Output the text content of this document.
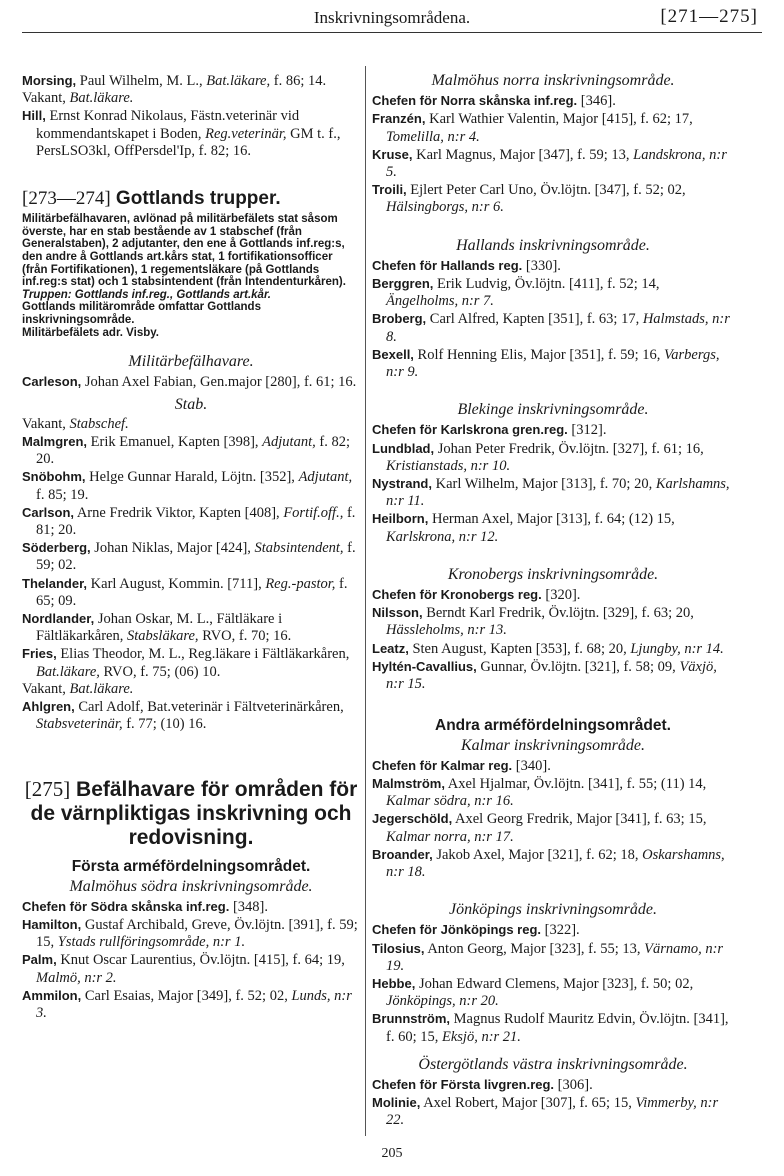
Inskrivningsområdena.	[271—275]

Morsing, Paul Wilhelm, M. L., Bat.läkare, f. 86; 14.

Vakant, Bat.läkare.

Hill, Ernst Konrad Nikolaus, Fästn.veterinär vid kommendantskapet i Boden, Reg.veterinär, GM t. f., PersLSO3kl, OffPersdel'Ip, f. 82; 16.

[273—274] Gottlands trupper.

Militärbefälhavaren, avlönad på militärbefälets stat såsom överste, har en stab bestående av 1 stabschef (från Generalstaben), 2 adjutanter, den ene å Gottlands inf.reg:s, den andre å Gottlands art.kårs stat, 1 fortifikationsofficer (från Fortifikationen), 1 regementsläkare (på Gottlands inf.reg:s stat) och 1 stabsintendent (från Intendenturkåren).

Truppen: Gottlands inf.reg., Gottlands art.kår.

Gottlands militärområde omfattar Gottlands inskrivningsområde.

Militärbefälets adr. Visby.

Militärbefälhavare.

Carleson, Johan Axel Fabian, Gen.major [280], f. 61; 16.

Stab.

Vakant, Stabschef.

Malmgren, Erik Emanuel, Kapten [398], Adjutant, f. 82; 20.

Snöbohm, Helge Gunnar Harald, Löjtn. [352], Adjutant, f. 85; 19.

Carlson, Arne Fredrik Viktor, Kapten [408], Fortif.off., f. 81; 20.

Söderberg, Johan Niklas, Major [424], Stabsintendent, f. 59; 02.

Thelander, Karl August, Kommin. [711], Reg.-pastor, f. 65; 09.

Nordlander, Johan Oskar, M. L., Fältläkare i Fältläkarkåren, Stabsläkare, RVO, f. 70; 16.

Fries, Elias Theodor, M. L., Reg.läkare i Fältläkarkåren, Bat.läkare, RVO, f. 75; (06) 10.

Vakant, Bat.läkare.

Ahlgren, Carl Adolf, Bat.veterinär i Fältveterinärkåren, Stabsveterinär, f. 77; (10) 16.

[275] Befälhavare för områden för de värnpliktigas inskrivning och redovisning.
Första arméfördelningsområdet.
Malmöhus södra inskrivningsområde.

Chefen för Södra skånska inf.reg. [348].

Hamilton, Gustaf Archibald, Greve, Öv.löjtn. [391], f. 59; 15, Ystads rullföringsområde, n:r 1.

Palm, Knut Oscar Laurentius, Öv.löjtn. [415], f. 64; 19, Malmö, n:r 2.

Ammilon, Carl Esaias, Major [349], f. 52; 02, Lunds, n:r 3.

Malmöhus norra inskrivningsområde.

Chefen för Norra skånska inf.reg. [346].

Franzén, Karl Wathier Valentin, Major [415], f. 62; 17, Tomelilla, n:r 4.

Kruse, Karl Magnus, Major [347], f. 59; 13, Landskrona, n:r 5.

Troili, Ejlert Peter Carl Uno, Öv.löjtn. [347], f. 52; 02, Hälsingborgs, n:r 6.

Hallands inskrivningsområde.

Chefen för Hallands reg. [330].

Berggren, Erik Ludvig, Öv.löjtn. [411], f. 52; 14, Ängelholms, n:r 7.

Broberg, Carl Alfred, Kapten [351], f. 63; 17, Halmstads, n:r 8.

Bexell, Rolf Henning Elis, Major [351], f. 59; 16, Varbergs, n:r 9.

Blekinge inskrivningsområde.

Chefen för Karlskrona gren.reg. [312].

Lundblad, Johan Peter Fredrik, Öv.löjtn. [327], f. 61; 16, Kristianstads, n:r 10.

Nystrand, Karl Wilhelm, Major [313], f. 70; 20, Karlshamns, n:r 11.

Heilborn, Herman Axel, Major [313], f. 64; (12) 15, Karlskrona, n:r 12.

Kronobergs inskrivningsområde.

Chefen för Kronobergs reg. [320].

Nilsson, Berndt Karl Fredrik, Öv.löjtn. [329], f. 63; 20, Hässleholms, n:r 13.

Leatz, Sten August, Kapten [353], f. 68; 20, Ljungby, n:r 14.

Hyltén-Cavallius, Gunnar, Öv.löjtn. [321], f. 58; 09, Växjö, n:r 15.

Andra arméfördelningsområdet.
Kalmar inskrivningsområde.

Chefen för Kalmar reg. [340].

Malmström, Axel Hjalmar, Öv.löjtn. [341], f. 55; (11) 14, Kalmar södra, n:r 16.

Jegerschöld, Axel Georg Fredrik, Major [341], f. 63; 15, Kalmar norra, n:r 17.

Broander, Jakob Axel, Major [321], f. 62; 18, Oskarshamns, n:r 18.

Jönköpings inskrivningsområde.

Chefen för Jönköpings reg. [322].

Tilosius, Anton Georg, Major [323], f. 55; 13, Värnamo, n:r 19.

Hebbe, Johan Edward Clemens, Major [323], f. 50; 02, Jönköpings, n:r 20.

Brunnström, Magnus Rudolf Mauritz Edvin, Öv.löjtn. [341], f. 60; 15, Eksjö, n:r 21.

Östergötlands västra inskrivningsområde.

Chefen för Första livgren.reg. [306].

Molinie, Axel Robert, Major [307], f. 65; 15, Vimmerby, n:r 22.

205
